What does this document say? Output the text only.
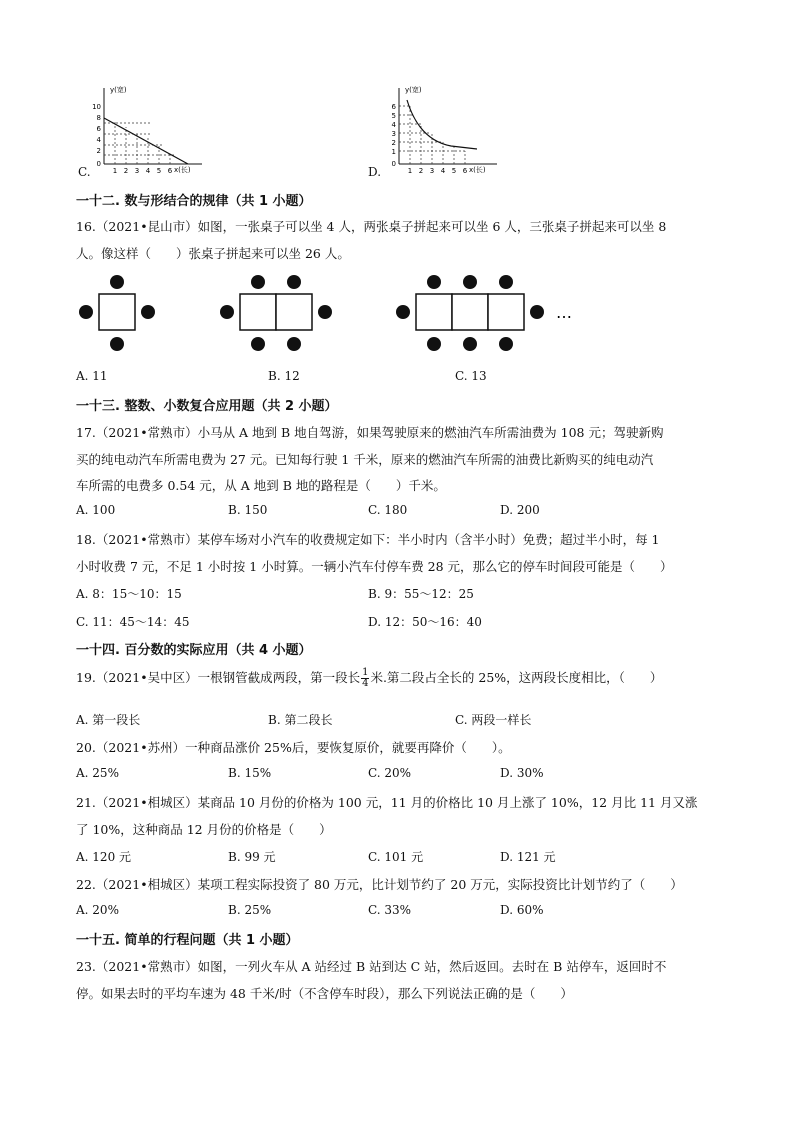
C.
y(宽)
x(长)
10
8
6
4
2
0
1 2 3 4 5 6	D.
y(宽)
x(长)
6
5
4
3
2
1
0
1 2 3 4 5 6
一十二. 数与形结合的规律（共 1 小题）
16.（2021•昆山市）如图，一张桌子可以坐 4 人，两张桌子拼起来可以坐 6 人，三张桌子拼起来可以坐 8
人。像这样（　　）张桌子拼起来可以坐 26 人。
…
A. 11	B. 12	C. 13
一十三. 整数、小数复合应用题（共 2 小题）
17.（2021•常熟市）小马从 A 地到 B 地自驾游，如果驾驶原来的燃油汽车所需油费为 108 元；驾驶新购
买的纯电动汽车所需电费为 27 元。已知每行驶 1 千米，原来的燃油汽车所需的油费比新购买的纯电动汽
车所需的电费多 0.54 元，从 A 地到 B 地的路程是（　　）千米。
A. 100	B. 150	C. 180	D. 200
18.（2021•常熟市）某停车场对小汽车的收费规定如下：半小时内（含半小时）免费；超过半小时，每 1
小时收费 7 元，不足 1 小时按 1 小时算。一辆小汽车付停车费 28 元，那么它的停车时间段可能是（　　）
A. 8：15～10：15	B. 9：55～12：25
C. 11：45～14：45	D. 12：50～16：40
一十四. 百分数的实际应用（共 4 小题）
19.（2021•吴中区）一根钢管截成两段，第一段长 $\frac{1}{4}$ 米.第二段占全长的 25%，这两段长度相比，（　　）
A. 第一段长	B. 第二段长	C. 两段一样长
20.（2021•苏州）一种商品涨价 25%后，要恢复原价，就要再降价（　　）。
A. 25%	B. 15%	C. 20%	D. 30%
21.（2021•相城区）某商品 10 月份的价格为 100 元，11 月的价格比 10 月上涨了 10%，12 月比 11 月又涨
了 10%，这种商品 12 月份的价格是（　　）
A. 120 元	B. 99 元	C. 101 元	D. 121 元
22.（2021•相城区）某项工程实际投资了 80 万元，比计划节约了 20 万元，实际投资比计划节约了（　　）
A. 20%	B. 25%	C. 33%	D. 60%
一十五. 简单的行程问题（共 1 小题）
23.（2021•常熟市）如图，一列火车从 A 站经过 B 站到达 C 站，然后返回。去时在 B 站停车，返回时不
停。如果去时的平均车速为 48 千米/时（不含停车时段），那么下列说法正确的是（　　）
